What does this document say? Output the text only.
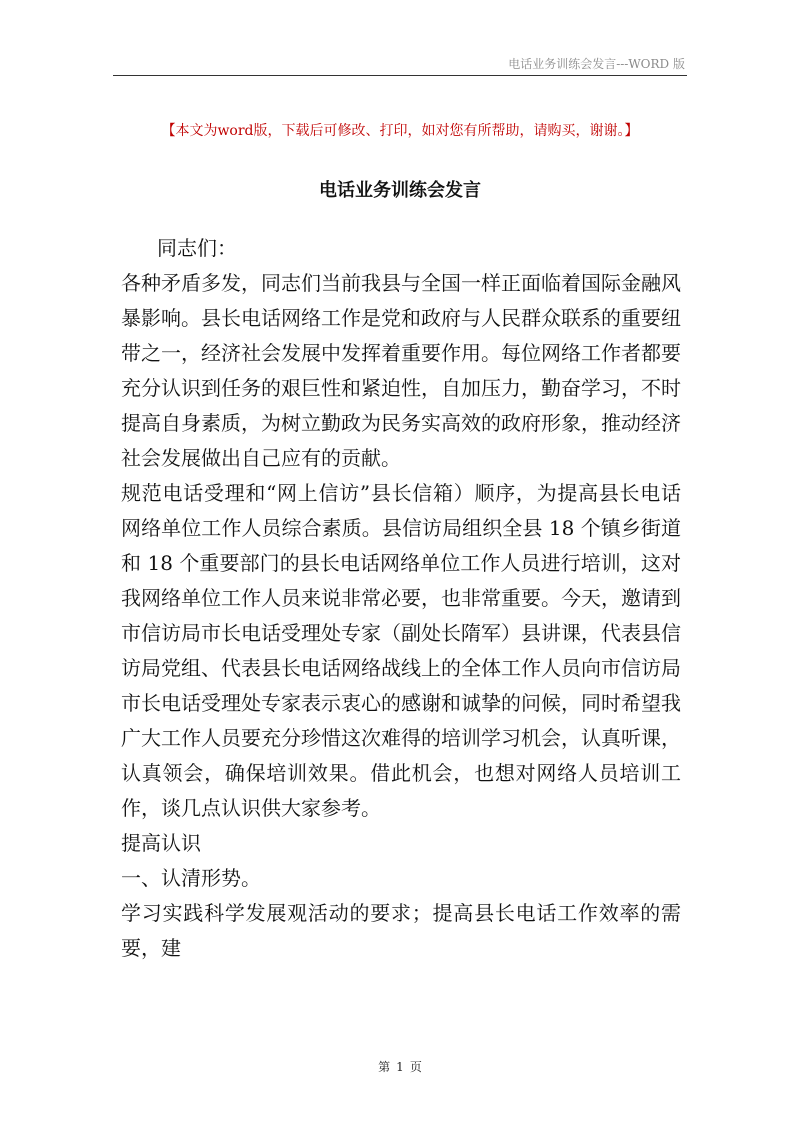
电话业务训练会发言---WORD 版
【本文为word版，下载后可修改、打印，如对您有所帮助，请购买，谢谢。】
电话业务训练会发言

同志们：

各种矛盾多发，同志们当前我县与全国一样正面临着国际金融风暴影响。县长电话网络工作是党和政府与人民群众联系的重要纽带之一，经济社会发展中发挥着重要作用。每位网络工作者都要充分认识到任务的艰巨性和紧迫性，自加压力，勤奋学习，不时提高自身素质，为树立勤政为民务实高效的政府形象，推动经济社会发展做出自己应有的贡献。

规范电话受理和“网上信访”县长信箱）顺序，为提高县长电话网络单位工作人员综合素质。县信访局组织全县 18 个镇乡街道和 18 个重要部门的县长电话网络单位工作人员进行培训，这对我网络单位工作人员来说非常必要，也非常重要。今天，邀请到市信访局市长电话受理处专家（副处长隋军）县讲课，代表县信访局党组、代表县长电话网络战线上的全体工作人员向市信访局市长电话受理处专家表示衷心的感谢和诚挚的问候，同时希望我广大工作人员要充分珍惜这次难得的培训学习机会，认真听课，认真领会，确保培训效果。借此机会，也想对网络人员培训工作，谈几点认识供大家参考。

提高认识

一、认清形势。

学习实践科学发展观活动的要求；提高县长电话工作效率的需要，建

第 1 页
